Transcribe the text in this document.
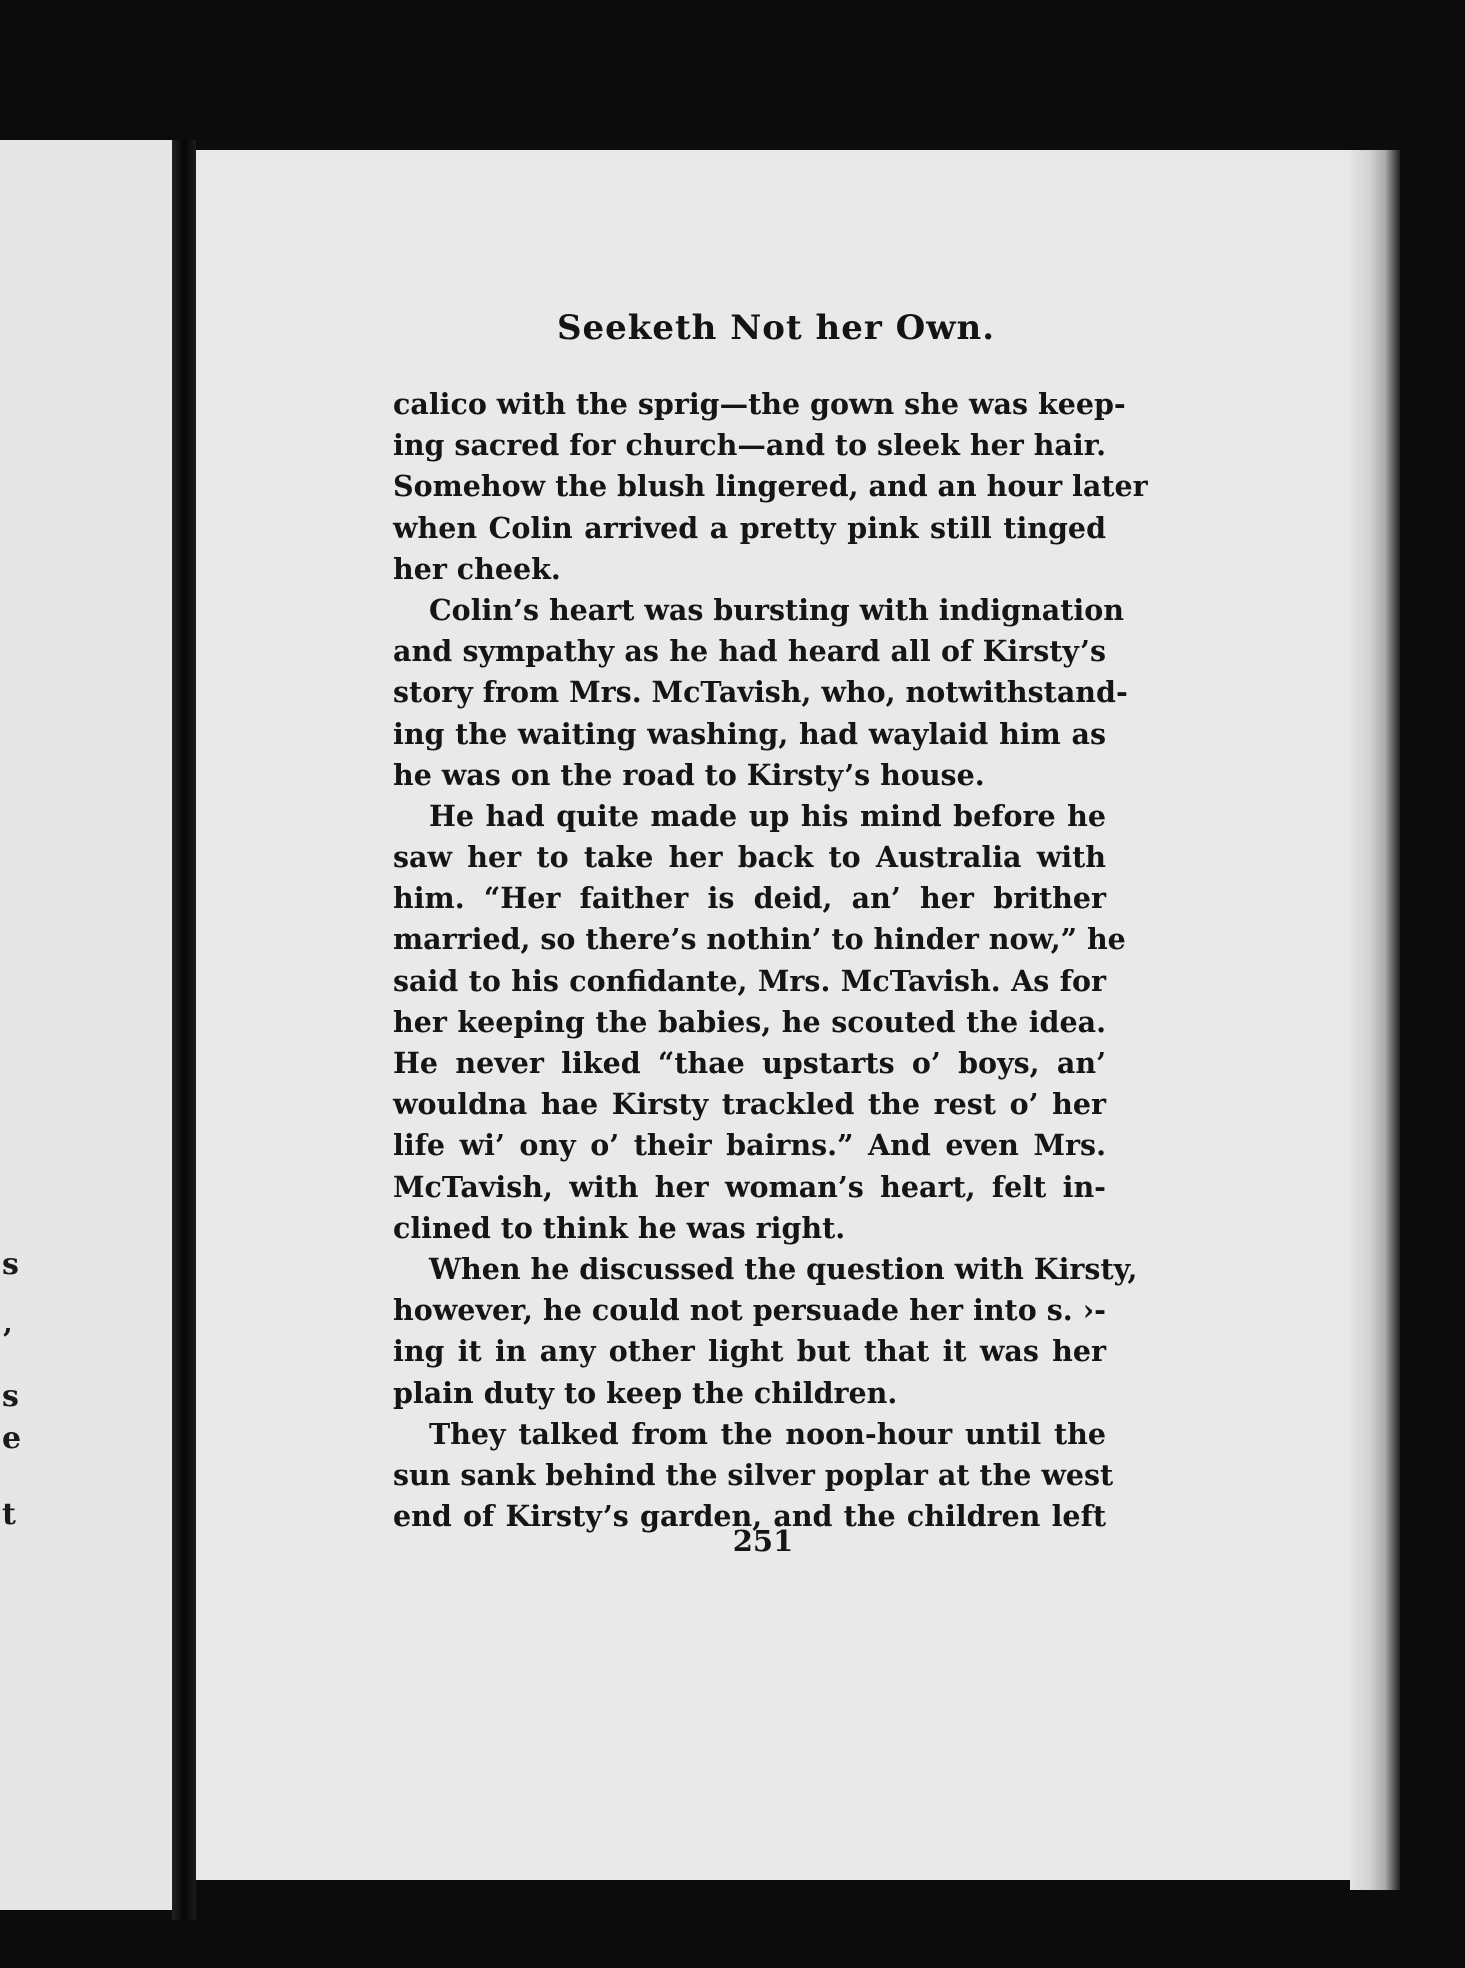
s
’
s
e
t
Seeketh Not her Own.
calico with the sprig—the gown she was keep-
ing sacred for church—and to sleek her hair.
Somehow the blush lingered, and an hour later
when Colin arrived a pretty pink still tinged
her cheek.
Colin’s heart was bursting with indignation
and sympathy as he had heard all of Kirsty’s
story from Mrs. McTavish, who, notwithstand-
ing the waiting washing, had waylaid him as
he was on the road to Kirsty’s house.
He had quite made up his mind before he
saw her to take her back to Australia with
him. “Her faither is deid, an’ her brither
married, so there’s nothin’ to hinder now,” he
said to his confidante, Mrs. McTavish. As for
her keeping the babies, he scouted the idea.
He never liked “thae upstarts o’ boys, an’
wouldna hae Kirsty trackled the rest o’ her
life wi’ ony o’ their bairns.” And even Mrs.
McTavish, with her woman’s heart, felt in-
clined to think he was right.
When he discussed the question with Kirsty,
however, he could not persuade her into s. ›-
ing it in any other light but that it was her
plain duty to keep the children.
They talked from the noon-hour until the
sun sank behind the silver poplar at the west
end of Kirsty’s garden, and the children left
251
